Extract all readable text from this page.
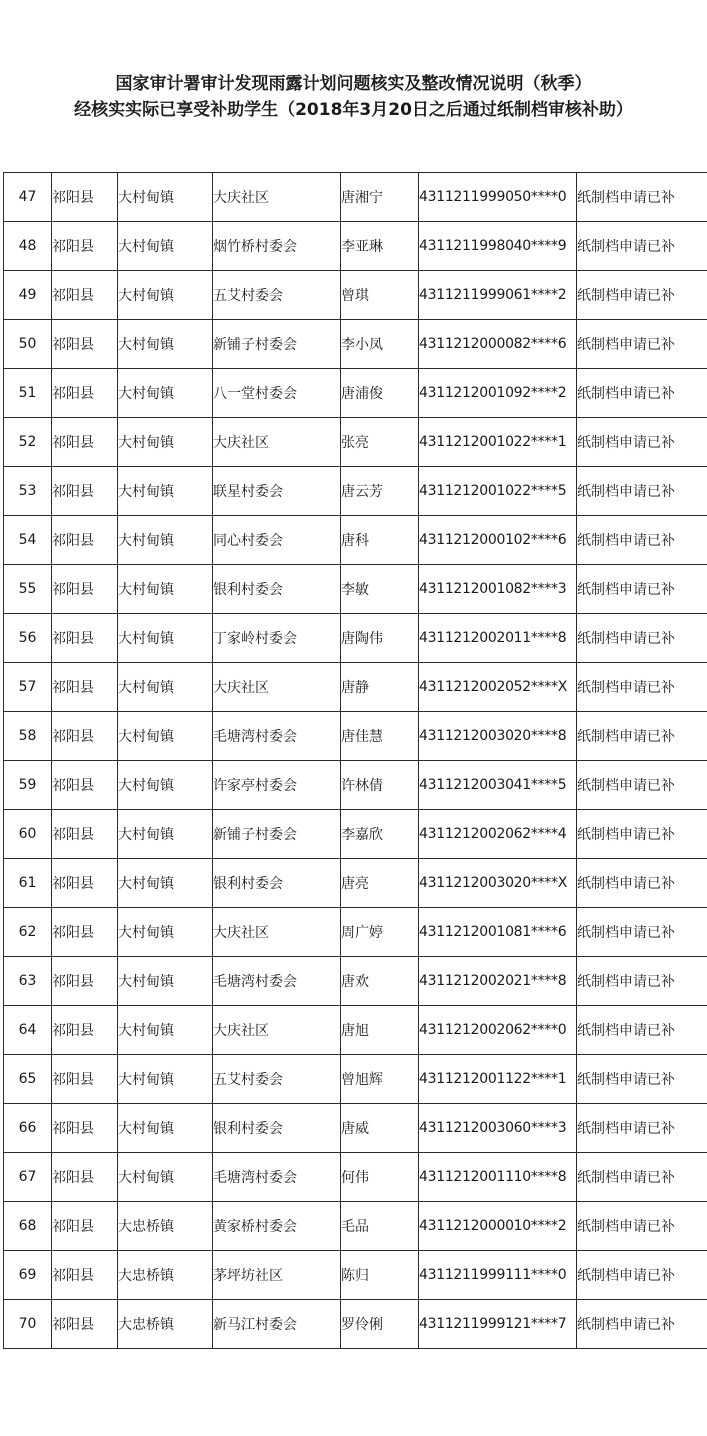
国家审计署审计发现雨露计划问题核实及整改情况说明（秋季）
经核实实际已享受补助学生（2018年3月20日之后通过纸制档审核补助）
47	祁阳县	大村甸镇	大庆社区	唐湘宁	4311211999050****0	纸制档申请已补
48	祁阳县	大村甸镇	烟竹桥村委会	李亚琳	4311211998040****9	纸制档申请已补
49	祁阳县	大村甸镇	五艾村委会	曾琪	4311211999061****2	纸制档申请已补
50	祁阳县	大村甸镇	新铺子村委会	李小凤	4311212000082****6	纸制档申请已补
51	祁阳县	大村甸镇	八一堂村委会	唐浦俊	4311212001092****2	纸制档申请已补
52	祁阳县	大村甸镇	大庆社区	张亮	4311212001022****1	纸制档申请已补
53	祁阳县	大村甸镇	联星村委会	唐云芳	4311212001022****5	纸制档申请已补
54	祁阳县	大村甸镇	同心村委会	唐科	4311212000102****6	纸制档申请已补
55	祁阳县	大村甸镇	银利村委会	李敏	4311212001082****3	纸制档申请已补
56	祁阳县	大村甸镇	丁家岭村委会	唐陶伟	4311212002011****8	纸制档申请已补
57	祁阳县	大村甸镇	大庆社区	唐静	4311212002052****X	纸制档申请已补
58	祁阳县	大村甸镇	毛塘湾村委会	唐佳慧	4311212003020****8	纸制档申请已补
59	祁阳县	大村甸镇	许家亭村委会	许林倩	4311212003041****5	纸制档申请已补
60	祁阳县	大村甸镇	新铺子村委会	李嘉欣	4311212002062****4	纸制档申请已补
61	祁阳县	大村甸镇	银利村委会	唐亮	4311212003020****X	纸制档申请已补
62	祁阳县	大村甸镇	大庆社区	周广婷	4311212001081****6	纸制档申请已补
63	祁阳县	大村甸镇	毛塘湾村委会	唐欢	4311212002021****8	纸制档申请已补
64	祁阳县	大村甸镇	大庆社区	唐旭	4311212002062****0	纸制档申请已补
65	祁阳县	大村甸镇	五艾村委会	曾旭辉	4311212001122****1	纸制档申请已补
66	祁阳县	大村甸镇	银利村委会	唐威	4311212003060****3	纸制档申请已补
67	祁阳县	大村甸镇	毛塘湾村委会	何伟	4311212001110****8	纸制档申请已补
68	祁阳县	大忠桥镇	黄家桥村委会	毛品	4311212000010****2	纸制档申请已补
69	祁阳县	大忠桥镇	茅坪坊社区	陈归	4311211999111****0	纸制档申请已补
70	祁阳县	大忠桥镇	新马江村委会	罗伶俐	4311211999121****7	纸制档申请已补
